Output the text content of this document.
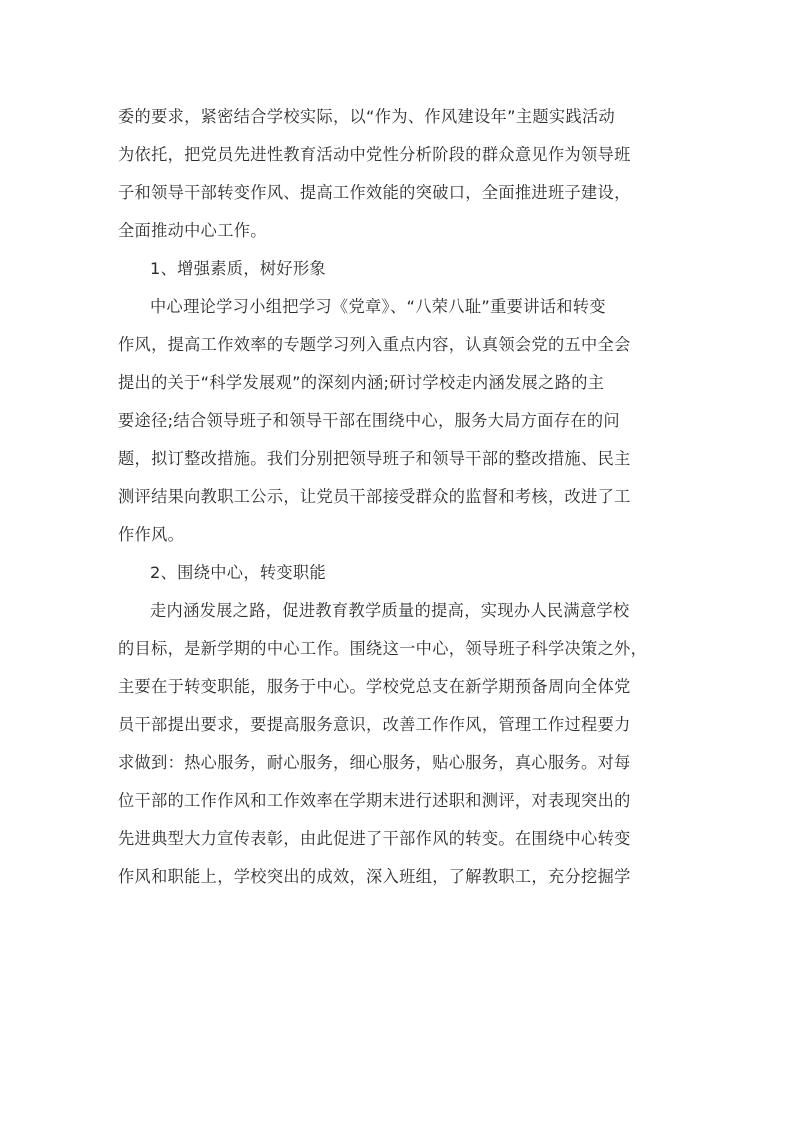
委的要求，紧密结合学校实际，以“作为、作风建设年”主题实践活动
为依托，把党员先进性教育活动中党性分析阶段的群众意见作为领导班
子和领导干部转变作风、提高工作效能的突破口，全面推进班子建设，
全面推动中心工作。
1、增强素质，树好形象
中心理论学习小组把学习《党章》、“八荣八耻”重要讲话和转变
作风，提高工作效率的专题学习列入重点内容，认真领会党的五中全会
提出的关于“科学发展观”的深刻内涵;研讨学校走内涵发展之路的主
要途径;结合领导班子和领导干部在围绕中心，服务大局方面存在的问
题，拟订整改措施。我们分别把领导班子和领导干部的整改措施、民主
测评结果向教职工公示，让党员干部接受群众的监督和考核，改进了工
作作风。
2、围绕中心，转变职能
走内涵发展之路，促进教育教学质量的提高，实现办人民满意学校
的目标，是新学期的中心工作。围绕这一中心，领导班子科学决策之外，
主要在于转变职能，服务于中心。学校党总支在新学期预备周向全体党
员干部提出要求，要提高服务意识，改善工作作风，管理工作过程要力
求做到：热心服务，耐心服务，细心服务，贴心服务，真心服务。对每
位干部的工作作风和工作效率在学期末进行述职和测评，对表现突出的
先进典型大力宣传表彰，由此促进了干部作风的转变。在围绕中心转变
作风和职能上，学校突出的成效，深入班组，了解教职工，充分挖掘学
